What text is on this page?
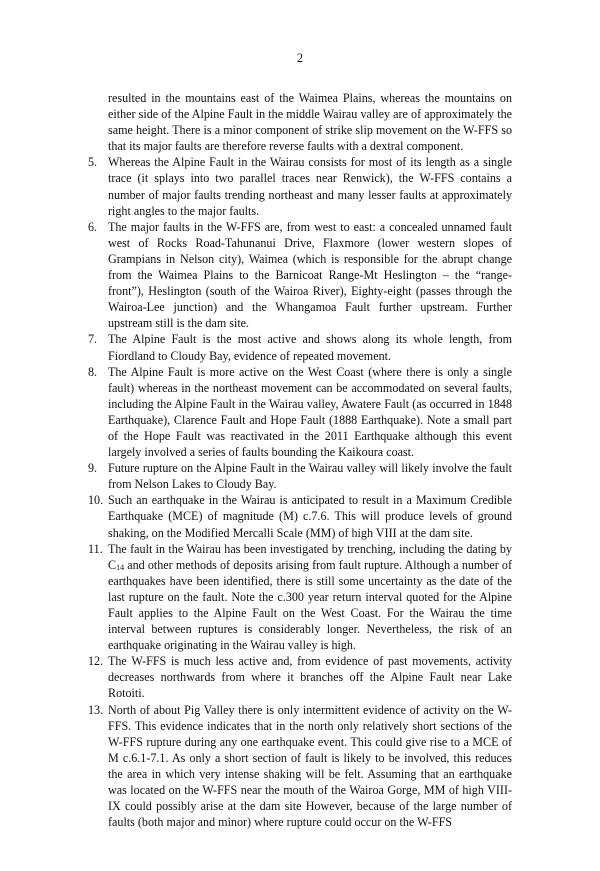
2

resulted in the mountains east of the Waimea Plains, whereas the mountains on either side of the Alpine Fault in the middle Wairau valley are of approximately the same height. There is a minor component of strike slip movement on the W-FFS so that its major faults are therefore reverse faults with a dextral component.

5. Whereas the Alpine Fault in the Wairau consists for most of its length as a single trace (it splays into two parallel traces near Renwick), the W-FFS contains a number of major faults trending northeast and many lesser faults at approximately right angles to the major faults.
6. The major faults in the W-FFS are, from west to east: a concealed unnamed fault west of Rocks Road-Tahunanui Drive, Flaxmore (lower western slopes of Grampians in Nelson city), Waimea (which is responsible for the abrupt change from the Waimea Plains to the Barnicoat Range-Mt Heslington – the “range-front”), Heslington (south of the Wairoa River), Eighty-eight (passes through the Wairoa-Lee junction) and the Whangamoa Fault further upstream. Further upstream still is the dam site.
7. The Alpine Fault is the most active and shows along its whole length, from Fiordland to Cloudy Bay, evidence of repeated movement.
8. The Alpine Fault is more active on the West Coast (where there is only a single fault) whereas in the northeast movement can be accommodated on several faults, including the Alpine Fault in the Wairau valley, Awatere Fault (as occurred in 1848 Earthquake), Clarence Fault and Hope Fault (1888 Earthquake). Note a small part of the Hope Fault was reactivated in the 2011 Earthquake although this event largely involved a series of faults bounding the Kaikoura coast.
9. Future rupture on the Alpine Fault in the Wairau valley will likely involve the fault from Nelson Lakes to Cloudy Bay.
10. Such an earthquake in the Wairau is anticipated to result in a Maximum Credible Earthquake (MCE) of magnitude (M) c.7.6. This will produce levels of ground shaking, on the Modified Mercalli Scale (MM) of high VIII at the dam site.
11. The fault in the Wairau has been investigated by trenching, including the dating by $C_{14}$ and other methods of deposits arising from fault rupture. Although a number of earthquakes have been identified, there is still some uncertainty as the date of the last rupture on the fault. Note the c.300 year return interval quoted for the Alpine Fault applies to the Alpine Fault on the West Coast. For the Wairau the time interval between ruptures is considerably longer. Nevertheless, the risk of an earthquake originating in the Wairau valley is high.
12. The W-FFS is much less active and, from evidence of past movements, activity decreases northwards from where it branches off the Alpine Fault near Lake Rotoiti.
13. North of about Pig Valley there is only intermittent evidence of activity on the W-FFS. This evidence indicates that in the north only relatively short sections of the W-FFS rupture during any one earthquake event. This could give rise to a MCE of M c.6.1-7.1. As only a short section of fault is likely to be involved, this reduces the area in which very intense shaking will be felt. Assuming that an earthquake was located on the W-FFS near the mouth of the Wairoa Gorge, MM of high VIII-IX could possibly arise at the dam site However, because of the large number of faults (both major and minor) where rupture could occur on the W-FFS
